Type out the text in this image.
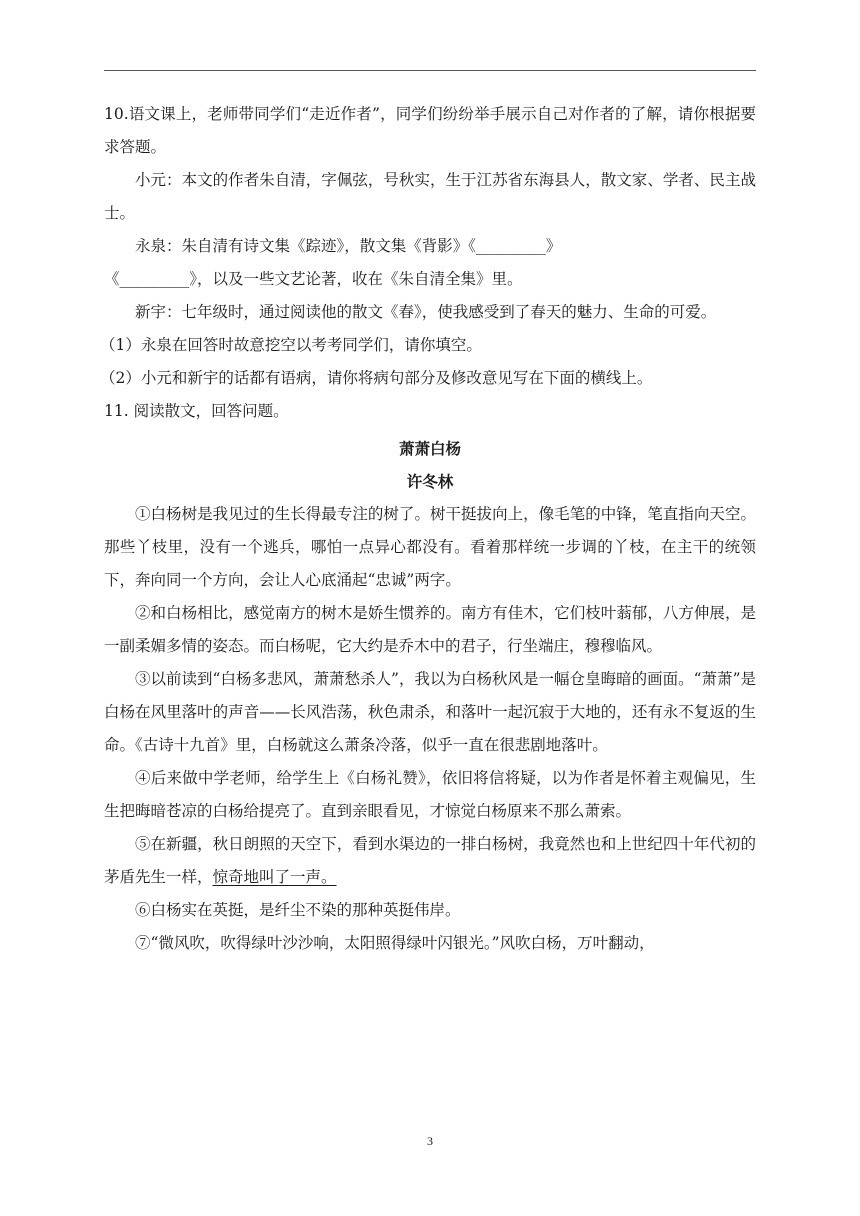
10.语文课上，老师带同学们“走近作者”，同学们纷纷举手展示自己对作者的了解，请你根据要求答题。

小元：本文的作者朱自清，字佩弦，号秋实，生于江苏省东海县人，散文家、学者、民主战士。

永泉：朱自清有诗文集《踪迹》，散文集《背影》《_________》

《_________》，以及一些文艺论著，收在《朱自清全集》里。

新宇：七年级时，通过阅读他的散文《春》，使我感受到了春天的魅力、生命的可爱。

（1）永泉在回答时故意挖空以考考同学们，请你填空。

（2）小元和新宇的话都有语病，请你将病句部分及修改意见写在下面的横线上。

11. 阅读散文，回答问题。

萧萧白杨

许冬林

①白杨树是我见过的生长得最专注的树了。树干挺拔向上，像毛笔的中锋，笔直指向天空。那些丫枝里，没有一个逃兵，哪怕一点异心都没有。看着那样统一步调的丫枝，在主干的统领下，奔向同一个方向，会让人心底涌起“忠诚”两字。

②和白杨相比，感觉南方的树木是娇生惯养的。南方有佳木，它们枝叶蓊郁，八方伸展，是一副柔媚多情的姿态。而白杨呢，它大约是乔木中的君子，行坐端庄，穆穆临风。

③以前读到“白杨多悲风，萧萧愁杀人”，我以为白杨秋风是一幅仓皇晦暗的画面。“萧萧”是白杨在风里落叶的声音——长风浩荡，秋色肃杀，和落叶一起沉寂于大地的，还有永不复返的生命。《古诗十九首》里，白杨就这么萧条冷落，似乎一直在很悲剧地落叶。

④后来做中学老师，给学生上《白杨礼赞》，依旧将信将疑，以为作者是怀着主观偏见，生生把晦暗苍凉的白杨给提亮了。直到亲眼看见，才惊觉白杨原来不那么萧索。

⑤在新疆，秋日朗照的天空下，看到水渠边的一排白杨树，我竟然也和上世纪四十年代初的茅盾先生一样，惊奇地叫了一声。

⑥白杨实在英挺，是纤尘不染的那种英挺伟岸。

⑦“微风吹，吹得绿叶沙沙响，太阳照得绿叶闪银光。”风吹白杨，万叶翻动，

3
